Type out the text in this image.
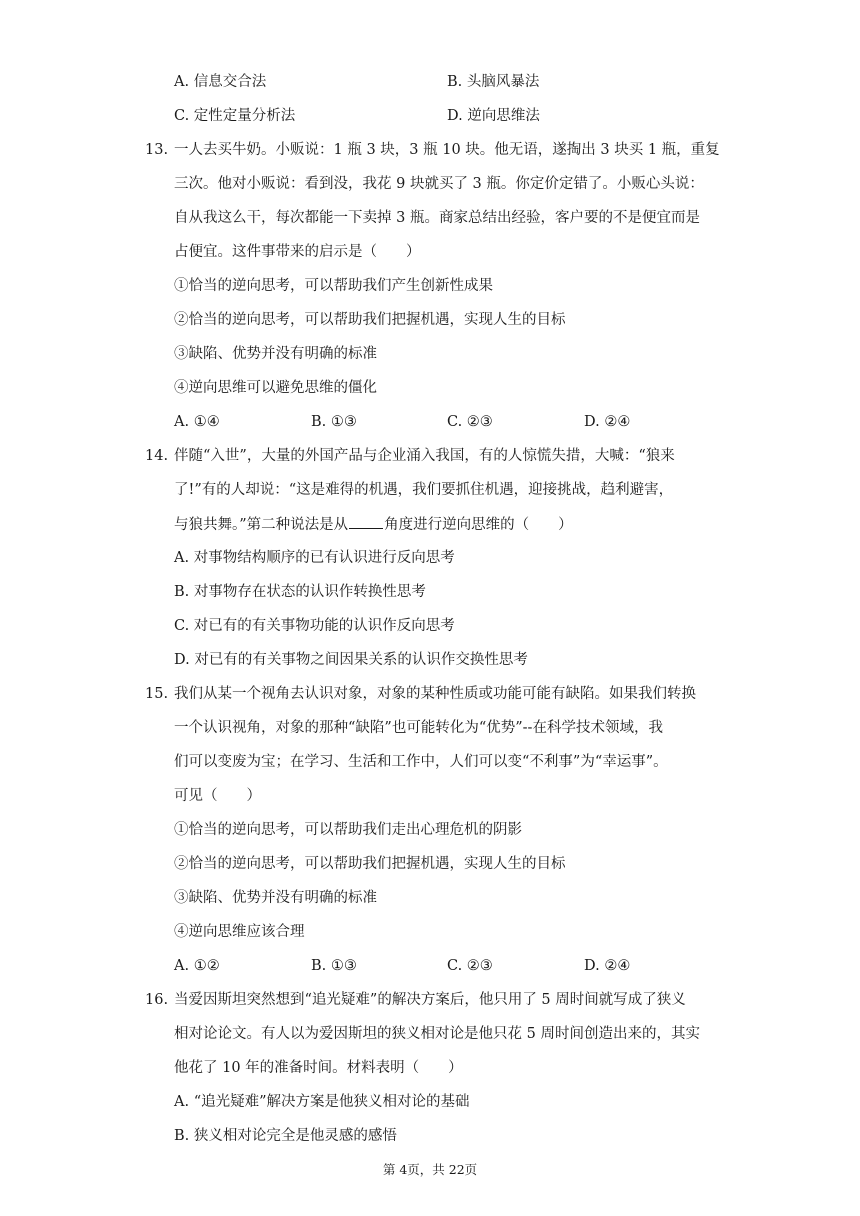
A. 信息交合法	B. 头脑风暴法
C. 定性定量分析法	D. 逆向思维法
13. 一人去买牛奶。小贩说：1 瓶 3 块，3 瓶 10 块。他无语，遂掏出 3 块买 1 瓶，重复
三次。他对小贩说：看到没，我花 9 块就买了 3 瓶。你定价定错了。小贩心头说：
自从我这么干，每次都能一下卖掉 3 瓶。商家总结出经验，客户要的不是便宜而是
占便宜。这件事带来的启示是（　　）
①恰当的逆向思考，可以帮助我们产生创新性成果
②恰当的逆向思考，可以帮助我们把握机遇，实现人生的目标
③缺陷、优势并没有明确的标准
④逆向思维可以避免思维的僵化
A. ①④	B. ①③	C. ②③	D. ②④
14. 伴随“入世”，大量的外国产品与企业涌入我国，有的人惊慌失措，大喊：“狼来
了!”有的人却说：“这是难得的机遇，我们要抓住机遇，迎接挑战，趋利避害，
与狼共舞。”第二种说法是从 角度进行逆向思维的（　　）
A. 对事物结构顺序的已有认识进行反向思考
B. 对事物存在状态的认识作转换性思考
C. 对已有的有关事物功能的认识作反向思考
D. 对已有的有关事物之间因果关系的认识作交换性思考
15. 我们从某一个视角去认识对象，对象的某种性质或功能可能有缺陷。如果我们转换
一个认识视角，对象的那种“缺陷”也可能转化为“优势”--在科学技术领域，我
们可以变废为宝；在学习、生活和工作中，人们可以变“不利事”为“幸运事”。
可见（　　）
①恰当的逆向思考，可以帮助我们走出心理危机的阴影
②恰当的逆向思考，可以帮助我们把握机遇，实现人生的目标
③缺陷、优势并没有明确的标准
④逆向思维应该合理
A. ①②	B. ①③	C. ②③	D. ②④
16. 当爱因斯坦突然想到“追光疑难”的解决方案后，他只用了 5 周时间就写成了狭义
相对论论文。有人以为爱因斯坦的狭义相对论是他只花 5 周时间创造出来的，其实
他花了 10 年的准备时间。材料表明（　　）
A. “追光疑难”解决方案是他狭义相对论的基础
B. 狭义相对论完全是他灵感的感悟
第 4页，共 22页
